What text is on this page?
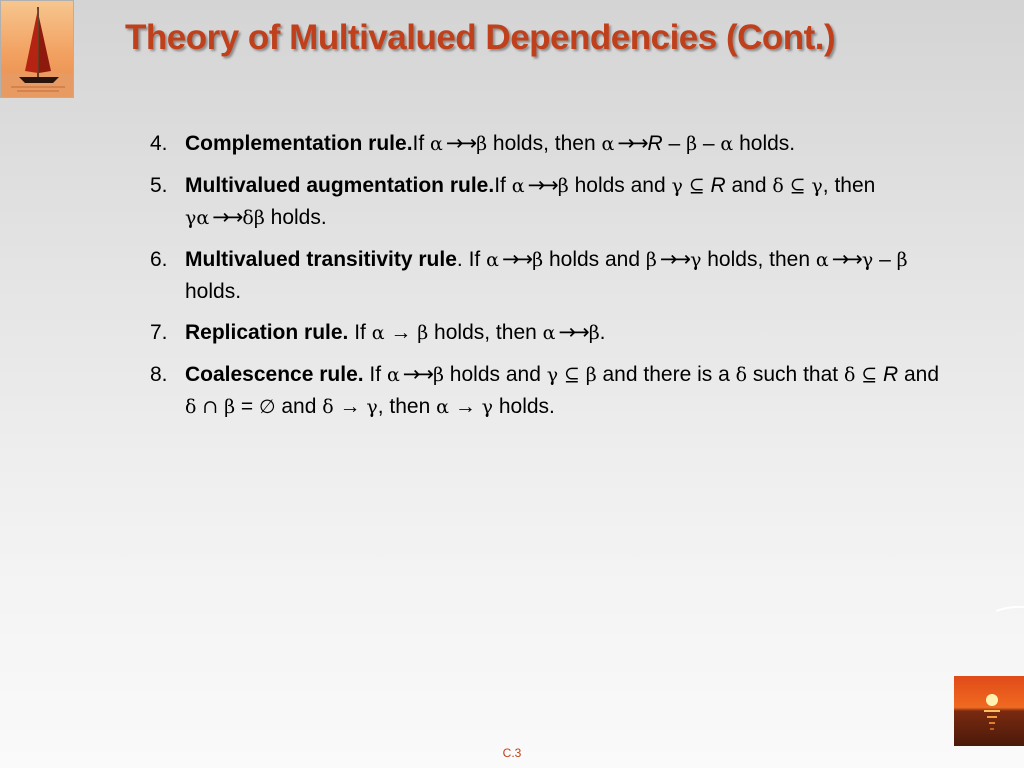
Theory of Multivalued Dependencies (Cont.)
4. Complementation rule.If α →→ β holds, then α →→ R – β – α holds.
5. Multivalued augmentation rule.If α →→ β holds and γ ⊆ R and δ ⊆ γ, then γα →→ δβ holds.
6. Multivalued transitivity rule. If α →→ β holds and β →→ γ holds, then α →→ γ – β holds.
7. Replication rule. If α → β holds, then α →→ β.
8. Coalescence rule. If α →→ β holds and γ ⊆ β and there is a δ such that δ ⊆ R and δ ∩ β = ∅ and δ → γ, then α → γ holds.
C.3
